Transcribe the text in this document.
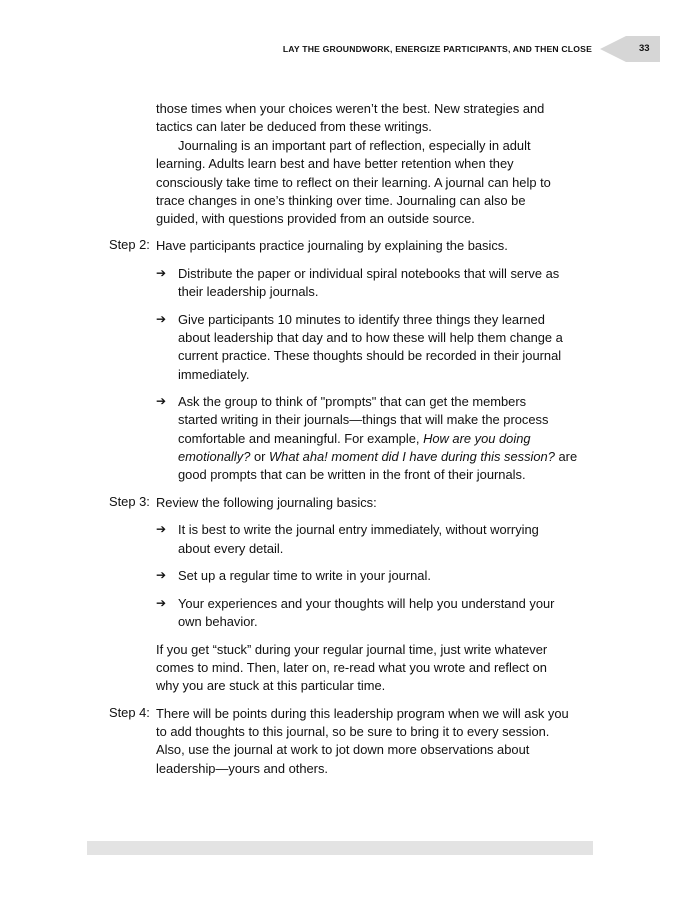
LAY THE GROUNDWORK, ENERGIZE PARTICIPANTS, AND THEN CLOSE	33
those times when your choices weren’t the best. New strategies and
tactics can later be deduced from these writings.
Journaling is an important part of reflection, especially in adult
learning. Adults learn best and have better retention when they
consciously take time to reflect on their learning. A journal can help to
trace changes in one’s thinking over time. Journaling can also be
guided, with questions provided from an outside source.
Step 2: Have participants practice journaling by explaining the basics.
➔ Distribute the paper or individual spiral notebooks that will serve as
their leadership journals.
➔ Give participants 10 minutes to identify three things they learned
about leadership that day and to how these will help them change a
current practice. These thoughts should be recorded in their journal
immediately.
➔ Ask the group to think of "prompts" that can get the members
started writing in their journals—things that will make the process
comfortable and meaningful. For example, How are you doing
emotionally? or What aha! moment did I have during this session? are
good prompts that can be written in the front of their journals.
Step 3: Review the following journaling basics:
➔ It is best to write the journal entry immediately, without worrying
about every detail.
➔ Set up a regular time to write in your journal.
➔ Your experiences and your thoughts will help you understand your
own behavior.
If you get “stuck” during your regular journal time, just write whatever
comes to mind. Then, later on, re-read what you wrote and reflect on
why you are stuck at this particular time.
Step 4: There will be points during this leadership program when we will ask you
to add thoughts to this journal, so be sure to bring it to every session.
Also, use the journal at work to jot down more observations about
leadership—yours and others.
